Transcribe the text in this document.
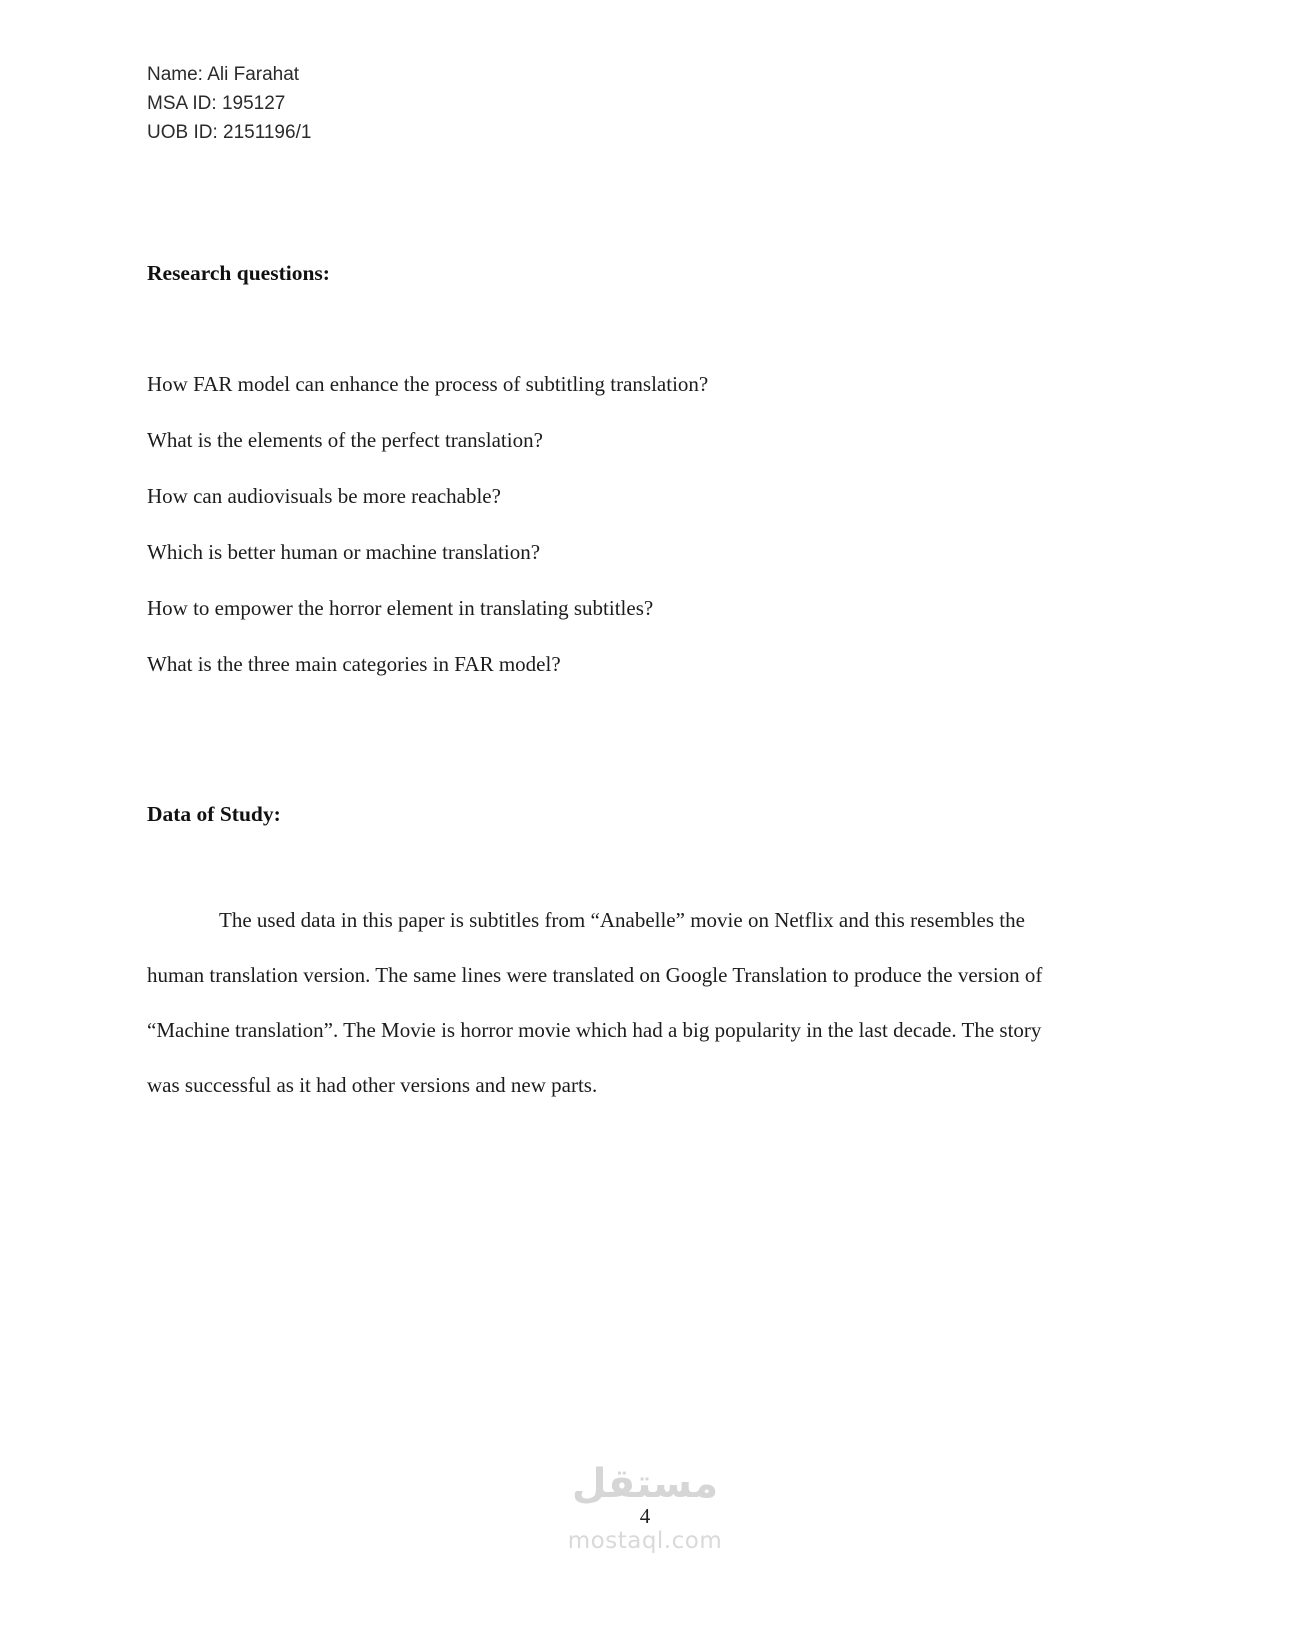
Name: Ali Farahat
MSA ID: 195127
UOB ID: 2151196/1
Research questions:

How FAR model can enhance the process of subtitling translation?

What is the elements of the perfect translation?

How can audiovisuals be more reachable?

Which is better human or machine translation?

How to empower the horror element in translating subtitles?

What is the three main categories in FAR model?

Data of Study:

The used data in this paper is subtitles from “Anabelle” movie on Netflix and this resembles the human translation version. The same lines were translated on Google Translation to produce the version of “Machine translation”. The Movie is horror movie which had a big popularity in the last decade. The story was successful as it had other versions and new parts.

مستقل
4
mostaql.com
